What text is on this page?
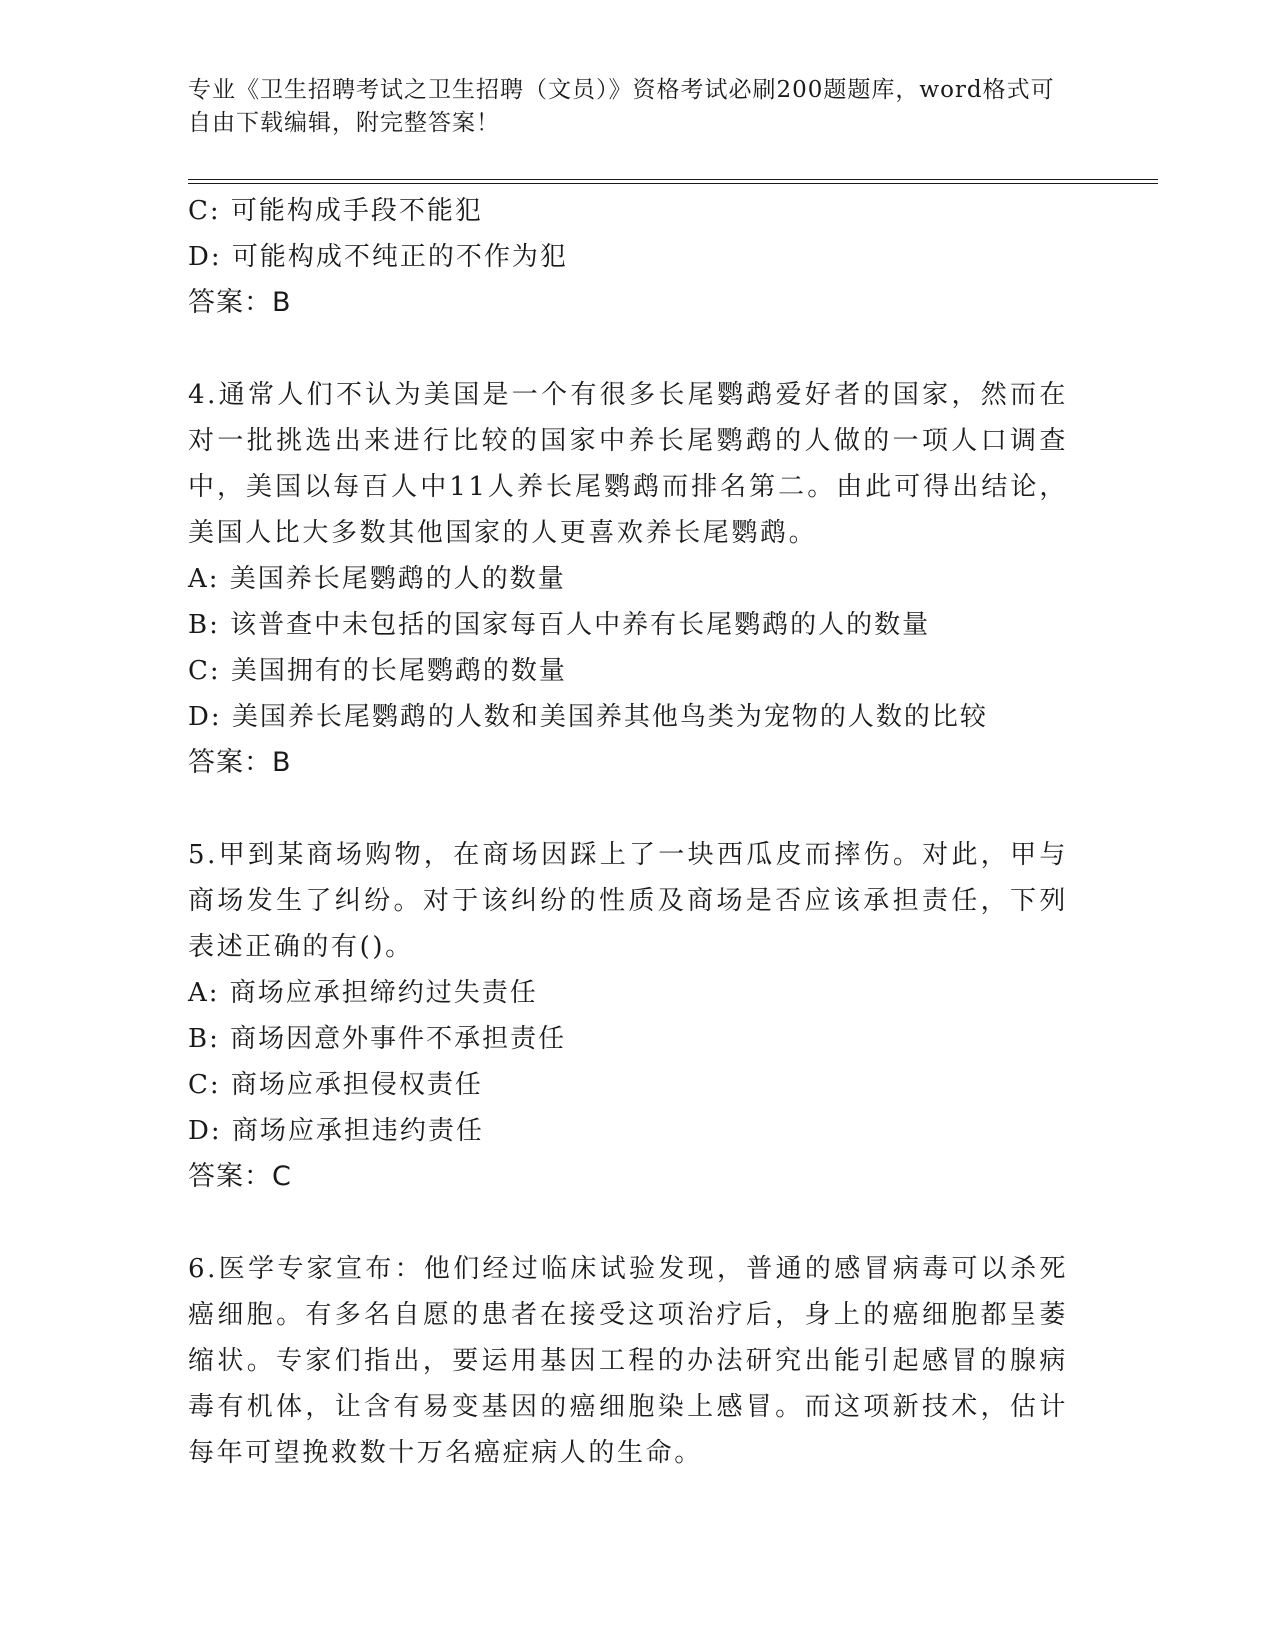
专业《卫生招聘考试之卫生招聘（文员）》资格考试必刷200题题库，word格式可自由下载编辑，附完整答案！
C: 可能构成手段不能犯
D: 可能构成不纯正的不作为犯
答案：B
4.通常人们不认为美国是一个有很多长尾鹦鹉爱好者的国家，然而在对一批挑选出来进行比较的国家中养长尾鹦鹉的人做的一项人口调查中，美国以每百人中11人养长尾鹦鹉而排名第二。由此可得出结论，美国人比大多数其他国家的人更喜欢养长尾鹦鹉。
A: 美国养长尾鹦鹉的人的数量
B: 该普查中未包括的国家每百人中养有长尾鹦鹉的人的数量
C: 美国拥有的长尾鹦鹉的数量
D: 美国养长尾鹦鹉的人数和美国养其他鸟类为宠物的人数的比较
答案：B
5.甲到某商场购物，在商场因踩上了一块西瓜皮而摔伤。对此，甲与商场发生了纠纷。对于该纠纷的性质及商场是否应该承担责任，下列表述正确的有()。
A: 商场应承担缔约过失责任
B: 商场因意外事件不承担责任
C: 商场应承担侵权责任
D: 商场应承担违约责任
答案：C
6.医学专家宣布：他们经过临床试验发现，普通的感冒病毒可以杀死癌细胞。有多名自愿的患者在接受这项治疗后，身上的癌细胞都呈萎缩状。专家们指出，要运用基因工程的办法研究出能引起感冒的腺病毒有机体，让含有易变基因的癌细胞染上感冒。而这项新技术，估计每年可望挽救数十万名癌症病人的生命。
